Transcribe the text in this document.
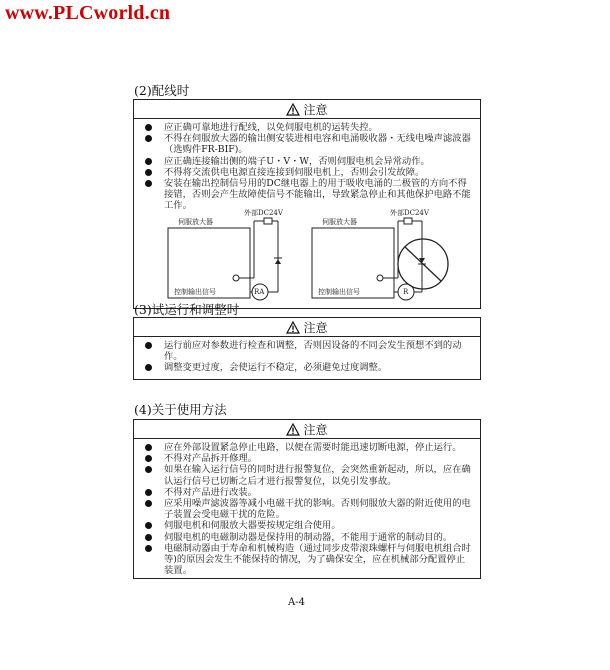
www.PLCworld.cn
(2)配线时
注意
应正确可靠地进行配线，以免伺服电机的运转失控。
不得在伺服放大器的输出侧安装进相电容和电涌吸收器・无线电噪声滤波器（选购件FR-BIF)。
应正确连接输出侧的端子U・V・W，否则伺服电机会异常动作。
不得将交流供电电源直接连接到伺服电机上，否则会引发故障。
安装在输出控制信号用的DC继电器上的用于吸收电涌的二极管的方向不得接错，否则会产生故障使信号不能输出，导致紧急停止和其他保护电路不能工作。
伺服放大器
外部DC24V
控制输出信号	RA
伺服放大器
外部DC24V
控制输出信号	R
(3)试运行和调整时
注意
运行前应对参数进行检查和调整，否则因设备的不同会发生预想不到的动作。
调整变更过度，会使运行不稳定，必须避免过度调整。
(4)关于使用方法
注意
应在外部设置紧急停止电路，以便在需要时能迅速切断电源，停止运行。
不得对产品拆开修理。
如果在输入运行信号的同时进行报警复位，会突然重新起动，所以，应在确认运行信号已切断之后才进行报警复位，以免引发事故。
不得对产品进行改装。
应采用噪声滤波器等减小电磁干扰的影响。否则伺服放大器的附近使用的电子装置会受电磁干扰的危险。
伺服电机和伺服放大器要按规定组合使用。
伺服电机的电磁制动器是保持用的制动器，不能用于通常的制动目的。
电磁制动器由于寿命和机械构造（通过同步皮带滚珠螺杆与伺服电机组合时等)的原因会发生不能保持的情况，为了确保安全，应在机械部分配置停止装置。
A-4
